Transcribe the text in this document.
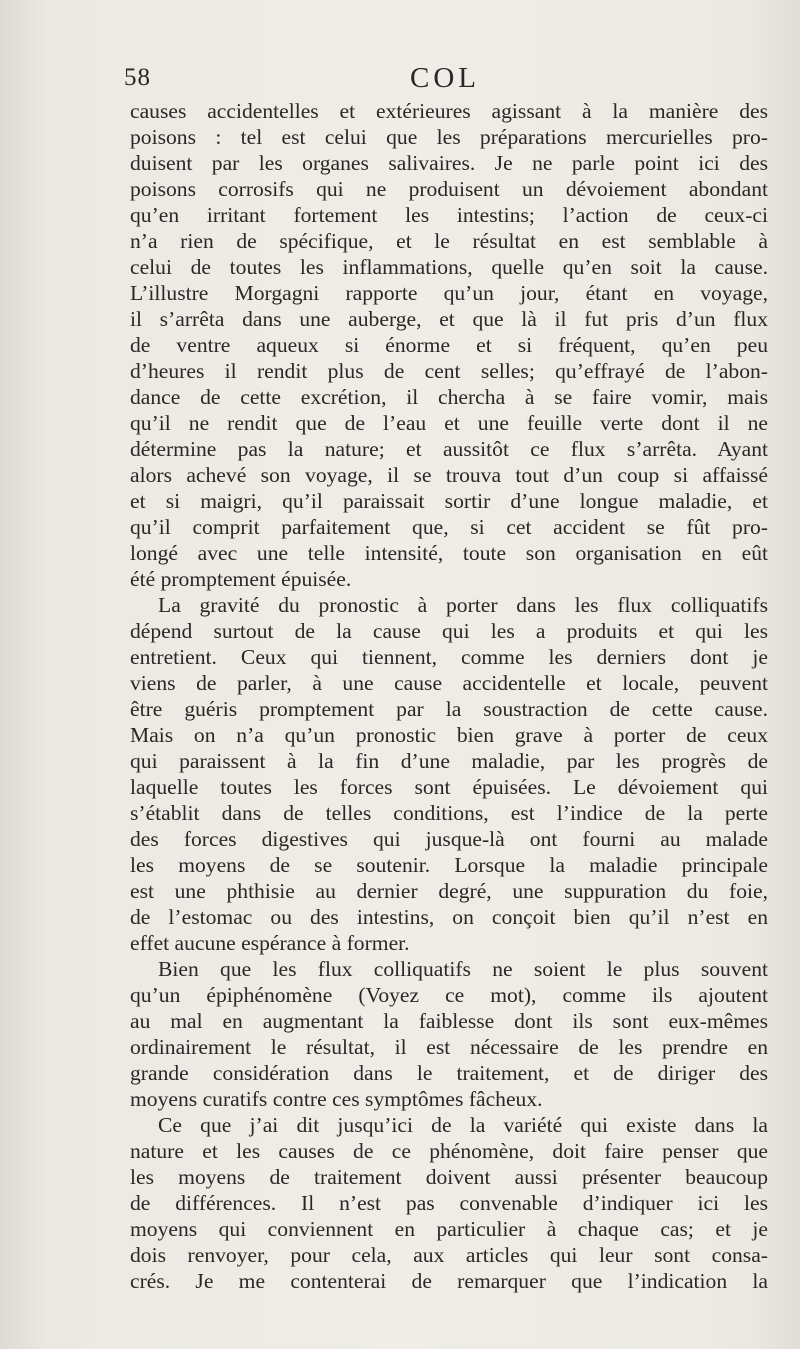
58	COL
causes accidentelles et extérieures agissant à la manière des
poisons : tel est celui que les préparations mercurielles pro-
duisent par les organes salivaires. Je ne parle point ici des
poisons corrosifs qui ne produisent un dévoiement abondant
qu’en irritant fortement les intestins; l’action de ceux-ci
n’a rien de spécifique, et le résultat en est semblable à
celui de toutes les inflammations, quelle qu’en soit la cause.
L’illustre Morgagni rapporte qu’un jour, étant en voyage,
il s’arrêta dans une auberge, et que là il fut pris d’un flux
de ventre aqueux si énorme et si fréquent, qu’en peu
d’heures il rendit plus de cent selles; qu’effrayé de l’abon-
dance de cette excrétion, il chercha à se faire vomir, mais
qu’il ne rendit que de l’eau et une feuille verte dont il ne
détermine pas la nature; et aussitôt ce flux s’arrêta. Ayant
alors achevé son voyage, il se trouva tout d’un coup si affaissé
et si maigri, qu’il paraissait sortir d’une longue maladie, et
qu’il comprit parfaitement que, si cet accident se fût pro-
longé avec une telle intensité, toute son organisation en eût
été promptement épuisée.
La gravité du pronostic à porter dans les flux colliquatifs
dépend surtout de la cause qui les a produits et qui les
entretient. Ceux qui tiennent, comme les derniers dont je
viens de parler, à une cause accidentelle et locale, peuvent
être guéris promptement par la soustraction de cette cause.
Mais on n’a qu’un pronostic bien grave à porter de ceux
qui paraissent à la fin d’une maladie, par les progrès de
laquelle toutes les forces sont épuisées. Le dévoiement qui
s’établit dans de telles conditions, est l’indice de la perte
des forces digestives qui jusque-là ont fourni au malade
les moyens de se soutenir. Lorsque la maladie principale
est une phthisie au dernier degré, une suppuration du foie,
de l’estomac ou des intestins, on conçoit bien qu’il n’est en
effet aucune espérance à former.
Bien que les flux colliquatifs ne soient le plus souvent
qu’un épiphénomène (Voyez ce mot), comme ils ajoutent
au mal en augmentant la faiblesse dont ils sont eux-mêmes
ordinairement le résultat, il est nécessaire de les prendre en
grande considération dans le traitement, et de diriger des
moyens curatifs contre ces symptômes fâcheux.
Ce que j’ai dit jusqu’ici de la variété qui existe dans la
nature et les causes de ce phénomène, doit faire penser que
les moyens de traitement doivent aussi présenter beaucoup
de différences. Il n’est pas convenable d’indiquer ici les
moyens qui conviennent en particulier à chaque cas; et je
dois renvoyer, pour cela, aux articles qui leur sont consa-
crés. Je me contenterai de remarquer que l’indication la
